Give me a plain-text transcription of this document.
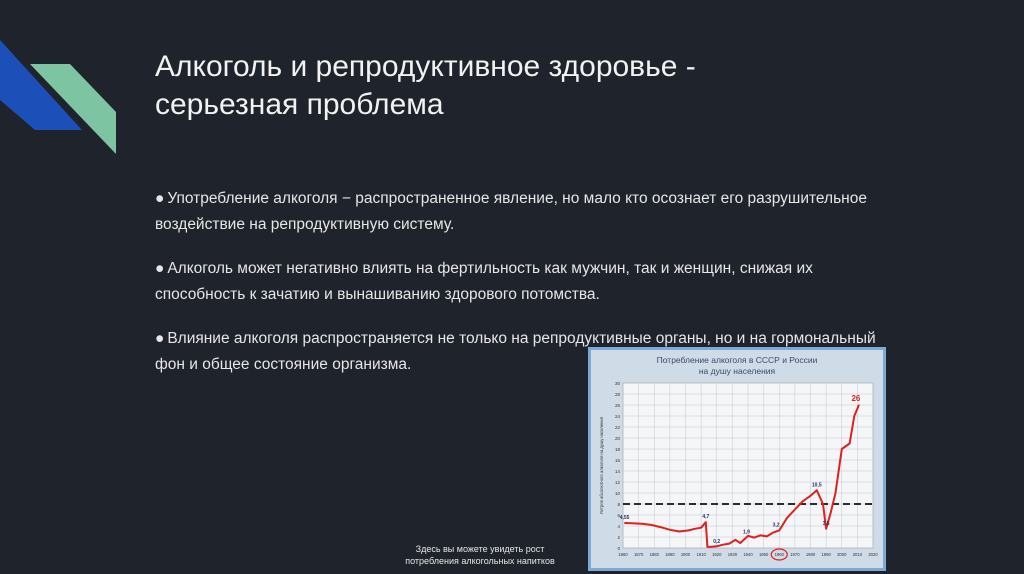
Алкоголь и репродуктивное здоровье -
серьезная проблема

● Употребление алкоголя − распространенное явление, но мало кто осознает его разрушительное воздействие на репродуктивную систему.

● Алкоголь может негативно влиять на фертильность как мужчин, так и женщин, снижая их способность к зачатию и вынашиванию здорового потомства.

● Влияние алкоголя распространяется не только на репродуктивные органы, но и на гормональный фон и общее состояние организма.	Потребление алкоголя в СССР и России
на душу населения
0
2
4
6
8
10
12
14
16
18
20
22
24
26
28
30
1860 1870 1880 1890 1900 1910 1920 1930 1940 1950 1960 1970 1980 1990 2000 2010 2020
Литров абсолютного алкоголя на душу населения
4,55	4,7
0,2
1,9
3,2
10,5
3,5
26
Здесь вы можете увидеть рост
потребления алкогольных напитков
